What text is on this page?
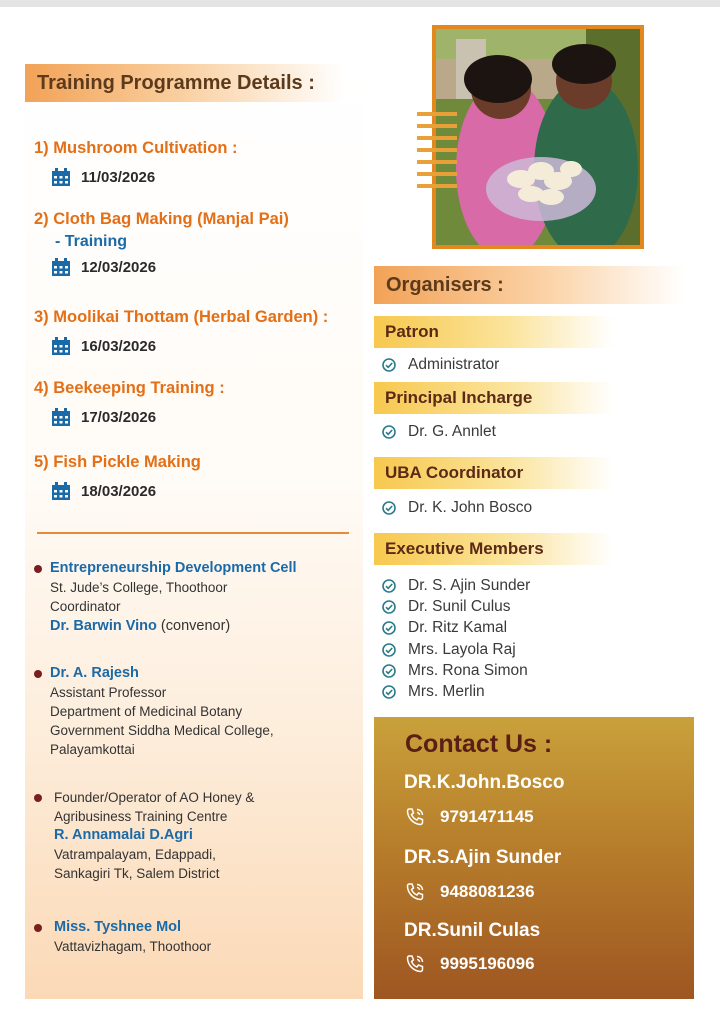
Training Programme Details :
1) Mushroom Cultivation :
11/03/2026
2) Cloth Bag Making (Manjal Pai)
- Training
12/03/2026
3) Moolikai Thottam (Herbal Garden) :
16/03/2026
4) Beekeeping Training :
17/03/2026
5) Fish Pickle Making
18/03/2026
Entrepreneurship Development Cell
St. Jude’s College, Thoothoor
Coordinator
Dr. Barwin Vino (convenor)
Dr. A. Rajesh
Assistant Professor
Department of Medicinal Botany
Government Siddha Medical College,
Palayamkottai
Founder/Operator of AO Honey &
Agribusiness Training Centre
R. Annamalai D.Agri
Vatrampalayam, Edappadi,
Sankagiri Tk, Salem District
Miss. Tyshnee Mol
Vattavizhagam, Thoothoor
Organisers :
Patron
Administrator
Principal Incharge
Dr. G. Annlet
UBA Coordinator
Dr. K. John Bosco
Executive Members
Dr. S. Ajin Sunder
Dr. Sunil Culus
Dr. Ritz Kamal
Mrs. Layola Raj
Mrs. Rona Simon
Mrs. Merlin
Contact Us :
DR.K.John.Bosco
9791471145
DR.S.Ajin Sunder
9488081236
DR.Sunil Culas
9995196096
